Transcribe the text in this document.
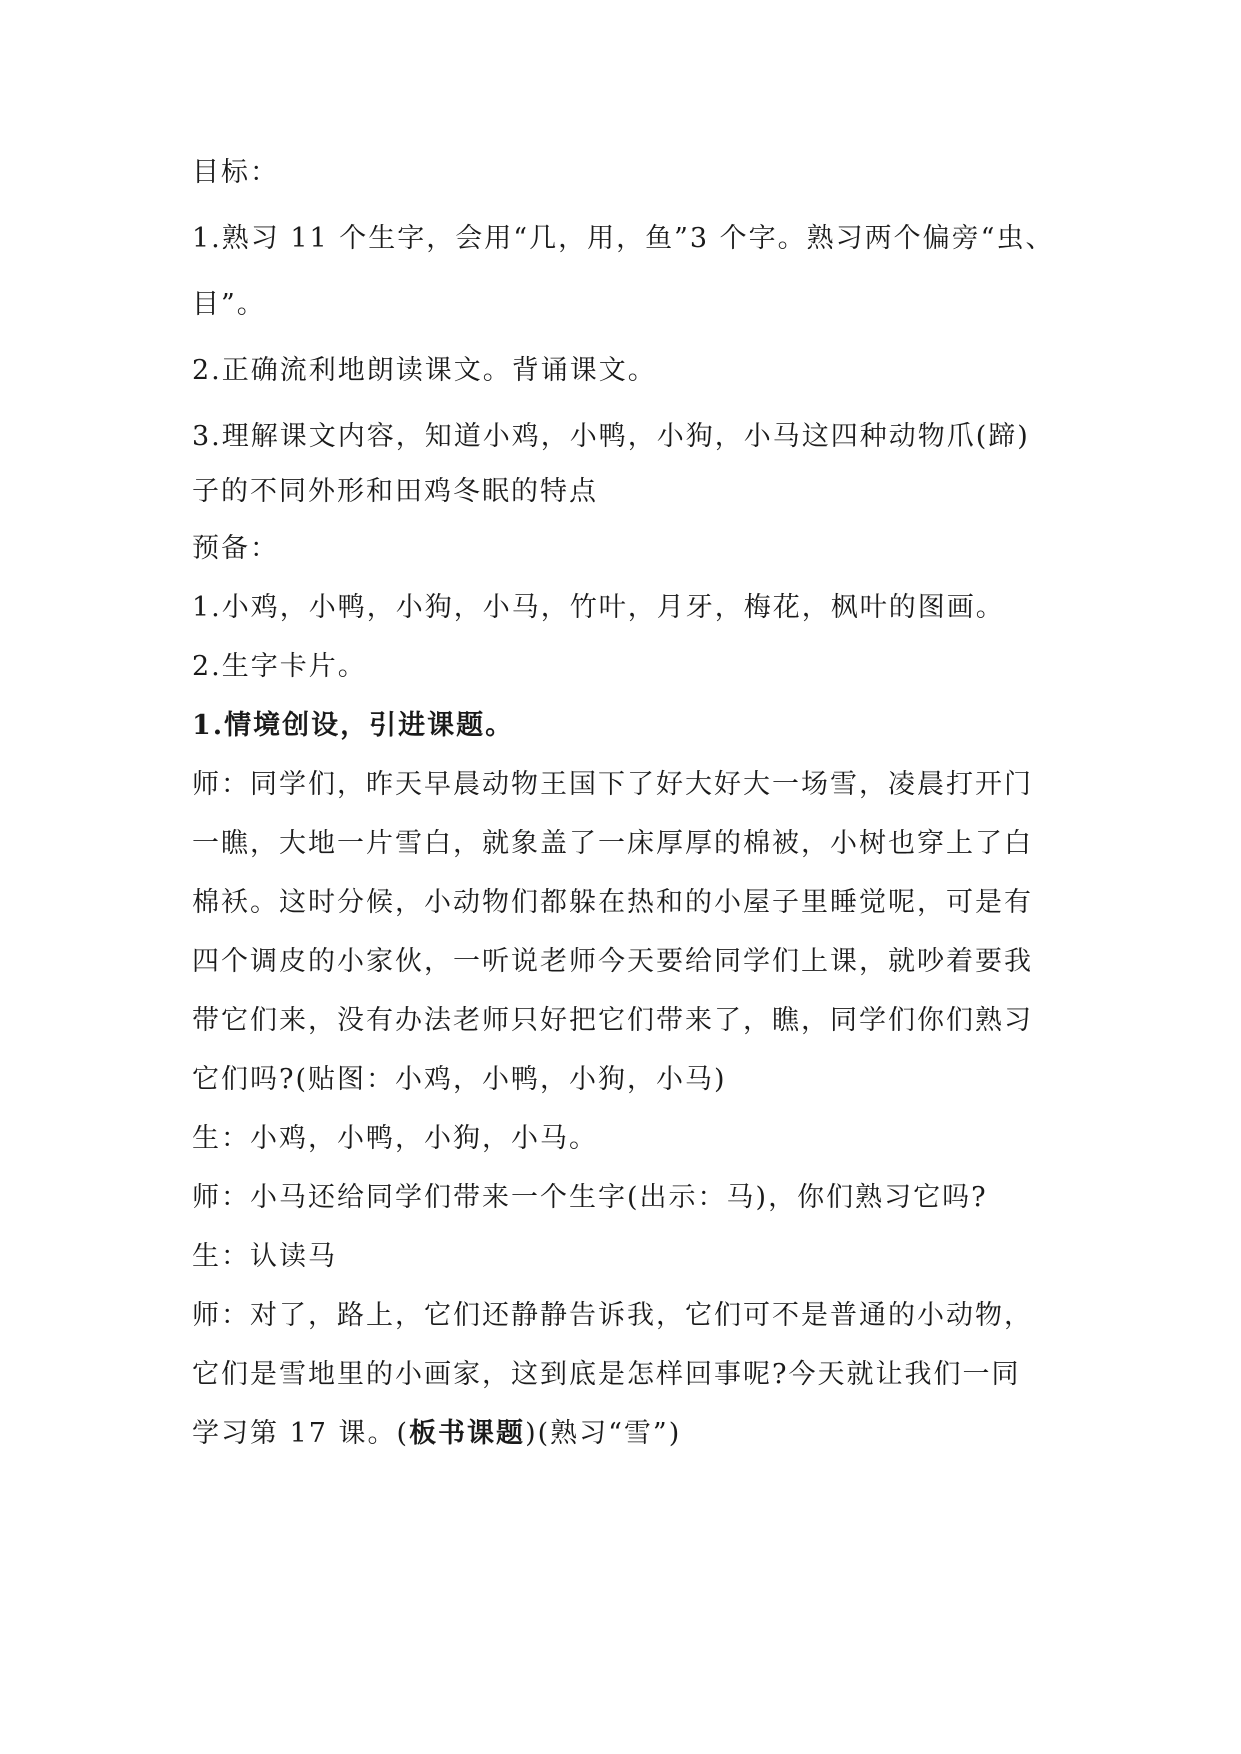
目标：

1.熟习 11 个生字，会用“几，用，鱼”3 个字。熟习两个偏旁“虫、

目”。

2.正确流利地朗读课文。背诵课文。

3.理解课文内容，知道小鸡，小鸭，小狗，小马这四种动物爪(蹄)

子的不同外形和田鸡冬眠的特点

预备：

1.小鸡，小鸭，小狗，小马，竹叶，月牙，梅花，枫叶的图画。

2.生字卡片。

1.情境创设，引进课题。

师：同学们，昨天早晨动物王国下了好大好大一场雪，凌晨打开门

一瞧，大地一片雪白，就象盖了一床厚厚的棉被，小树也穿上了白

棉袄。这时分候，小动物们都躲在热和的小屋子里睡觉呢，可是有

四个调皮的小家伙，一听说老师今天要给同学们上课，就吵着要我

带它们来，没有办法老师只好把它们带来了，瞧，同学们你们熟习

它们吗?(贴图：小鸡，小鸭，小狗，小马)

生：小鸡，小鸭，小狗，小马。

师：小马还给同学们带来一个生字(出示：马)，你们熟习它吗?

生：认读马

师：对了，路上，它们还静静告诉我，它们可不是普通的小动物，

它们是雪地里的小画家，这到底是怎样回事呢?今天就让我们一同

学习第 17 课。(板书课题)(熟习“雪”)
